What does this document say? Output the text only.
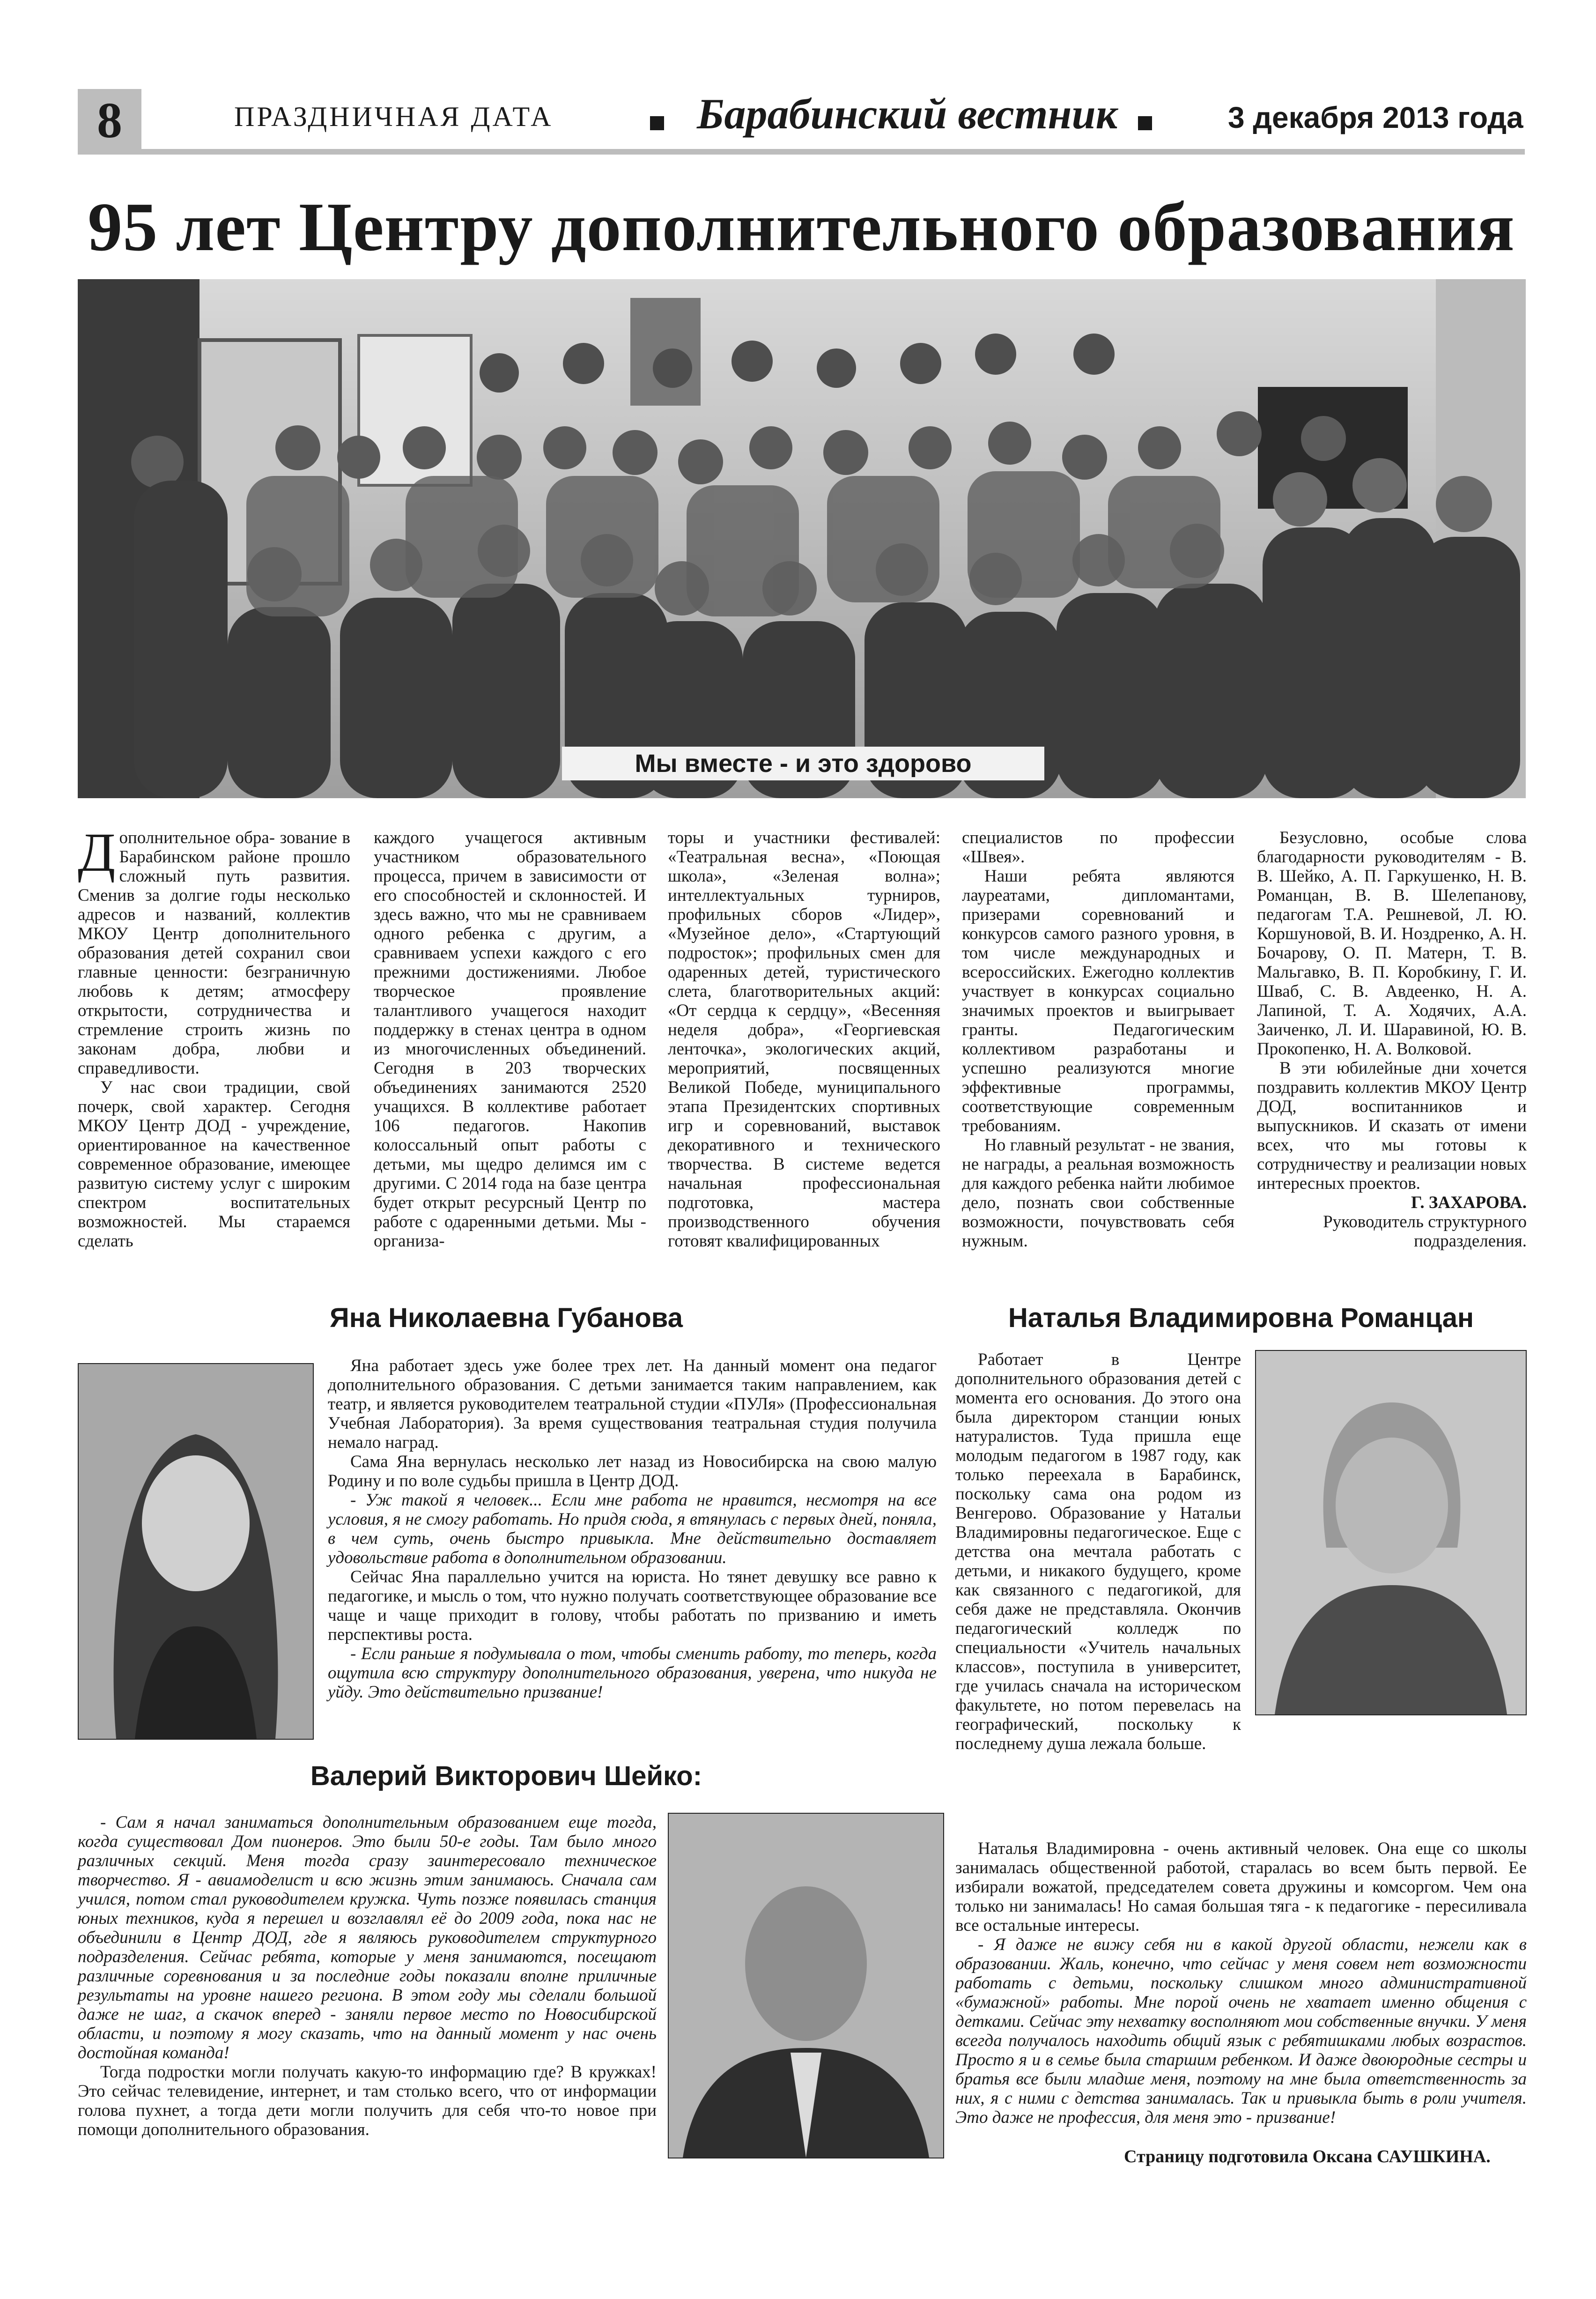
8	ПРАЗДНИЧНАЯ ДАТА	Барабинский вестник	3 декабря 2013 года
95 лет Центру дополнительного образования
Мы вместе - и это здорово

Дополнительное обра- зование в Барабинском районе прошло сложный путь развития. Сменив за долгие годы несколько адресов и названий, коллектив МКОУ Центр дополнительного образования детей сохранил свои главные ценности: безграничную любовь к детям; атмосферу открытости, сотрудничества и стремление строить жизнь по законам добра, любви и справедливости.

У нас свои традиции, свой почерк, свой характер. Сегодня МКОУ Центр ДОД - учреждение, ориентированное на качественное современное образование, имеющее развитую систему услуг с широким спектром воспитательных возможностей. Мы стараемся сделать

каждого учащегося активным участником образовательного процесса, причем в зависимости от его способностей и склонностей. И здесь важно, что мы не сравниваем одного ребенка с другим, а сравниваем успехи каждого с его прежними достижениями. Любое творческое проявление талантливого учащегося находит поддержку в стенах центра в одном из многочисленных объединений. Сегодня в 203 творческих объединениях занимаются 2520 учащихся. В коллективе работает 106 педагогов. Накопив колоссальный опыт работы с детьми, мы щедро делимся им с другими. С 2014 года на базе центра будет открыт ресурсный Центр по работе с одаренными детьми. Мы - организа-

торы и участники фестивалей: «Театральная весна», «Поющая школа», «Зеленая волна»; интеллектуальных турниров, профильных сборов «Лидер», «Музейное дело», «Стартующий подросток»; профильных смен для одаренных детей, туристического слета, благотворительных акций: «От сердца к сердцу», «Весенняя неделя добра», «Георгиевская ленточка», экологических акций, мероприятий, посвященных Великой Победе, муниципального этапа Президентских спортивных игр и соревнований, выставок декоративного и технического творчества. В системе ведется начальная профессиональная подготовка, мастера производственного обучения готовят квалифицированных

специалистов по профессии «Швея».

Наши ребята являются лауреатами, дипломантами, призерами соревнований и конкурсов самого разного уровня, в том числе международных и всероссийских. Ежегодно коллектив участвует в конкурсах социально значимых проектов и выигрывает гранты. Педагогическим коллективом разработаны и успешно реализуются многие эффективные программы, соответствующие современным требованиям.

Но главный результат - не звания, не награды, а реальная возможность для каждого ребенка найти любимое дело, познать свои собственные возможности, почувствовать себя нужным.

Безусловно, особые слова благодарности руководителям - В. В. Шейко, А. П. Гаркушенко, Н. В. Романцан, В. В. Шелепанову, педагогам Т.А. Решневой, Л. Ю. Коршуновой, В. И. Ноздренко, А. Н. Бочарову, О. П. Матерн, Т. В. Мальгавко, В. П. Коробкину, Г. И. Шваб, С. В. Авдеенко, Н. А. Лапиной, Т. А. Ходячих, А.А. Заиченко, Л. И. Шаравиной, Ю. В. Прокопенко, Н. А. Волковой.

В эти юбилейные дни хочется поздравить коллектив МКОУ Центр ДОД, воспитанников и выпускников. И сказать от имени всех, что мы готовы к сотрудничеству и реализации новых интересных проектов.

Г. ЗАХАРОВА.
Руководитель структурного
подразделения.
Яна Николаевна Губанова

Яна работает здесь уже более трех лет. На данный момент она педагог дополнительного образования. С детьми занимается таким направлением, как театр, и является руководителем театральной студии «ПУЛя» (Профессиональная Учебная Лаборатория). За время существования театральная студия получила немало наград.

Сама Яна вернулась несколько лет назад из Новосибирска на свою малую Родину и по воле судьбы пришла в Центр ДОД.

- Уж такой я человек... Если мне работа не нравится, несмотря на все условия, я не смогу работать. Но придя сюда, я втянулась с первых дней, поняла, в чем суть, очень быстро привыкла. Мне действительно доставляет удовольствие работа в дополнительном образовании.

Сейчас Яна параллельно учится на юриста. Но тянет девушку все равно к педагогике, и мысль о том, что нужно получать соответствующее образование все чаще и чаще приходит в голову, чтобы работать по призванию и иметь перспективы роста.

- Если раньше я подумывала о том, чтобы сменить работу, то теперь, когда ощутила всю структуру дополнительного образования, уверена, что никуда не уйду. Это действительно призвание!

Валерий Викторович Шейко:

- Сам я начал заниматься дополнительным образованием еще тогда, когда существовал Дом пионеров. Это были 50-е годы. Там было много различных секций. Меня тогда сразу заинтересовало техническое творчество. Я - авиамоделист и всю жизнь этим занимаюсь. Сначала сам учился, потом стал руководителем кружка. Чуть позже появилась станция юных техников, куда я перешел и возглавлял её до 2009 года, пока нас не объединили в Центр ДОД, где я являюсь руководителем структурного подразделения. Сейчас ребята, которые у меня занимаются, посещают различные соревнования и за последние годы показали вполне приличные результаты на уровне нашего региона. В этом году мы сделали большой даже не шаг, а скачок вперед - заняли первое место по Новосибирской области, и поэтому я могу сказать, что на данный момент у нас очень достойная команда!

Тогда подростки могли получать какую-то информацию где? В кружках! Это сейчас телевидение, интернет, и там столько всего, что от информации голова пухнет, а тогда дети могли получить для себя что-то новое при помощи дополнительного образования.

Наталья Владимировна Романцан

Работает в Центре дополнительного образования детей с момента его основания. До этого она была директором станции юных натуралистов. Туда пришла еще молодым педагогом в 1987 году, как только переехала в Барабинск, поскольку сама она родом из Венгерово. Образование у Натальи Владимировны педагогическое. Еще с детства она мечтала работать с детьми, и никакого будущего, кроме как связанного с педагогикой, для себя даже не представляла. Окончив педагогический колледж по специальности «Учитель начальных классов», поступила в университет, где училась сначала на историческом факультете, но потом перевелась на географический, поскольку к последнему душа лежала больше.

Наталья Владимировна - очень активный человек. Она еще со школы занималась общественной работой, старалась во всем быть первой. Ее избирали вожатой, председателем совета дружины и комсоргом. Чем она только ни занималась! Но самая большая тяга - к педагогике - пересиливала все остальные интересы.

- Я даже не вижу себя ни в какой другой области, нежели как в образовании. Жаль, конечно, что сейчас у меня совем нет возможности работать с детьми, поскольку слишком много административной «бумажной» работы. Мне порой очень не хватает именно общения с детками. Сейчас эту нехватку восполняют мои собственные внучки. У меня всегда получалось находить общий язык с ребятишками любых возрастов. Просто я и в семье была старшим ребенком. И даже двоюродные сестры и братья все были младше меня, поэтому на мне была ответственность за них, я с ними с детства занималась. Так и привыкла быть в роли учителя. Это даже не профессия, для меня это - призвание!

Страницу подготовила Оксана САУШКИНА.
